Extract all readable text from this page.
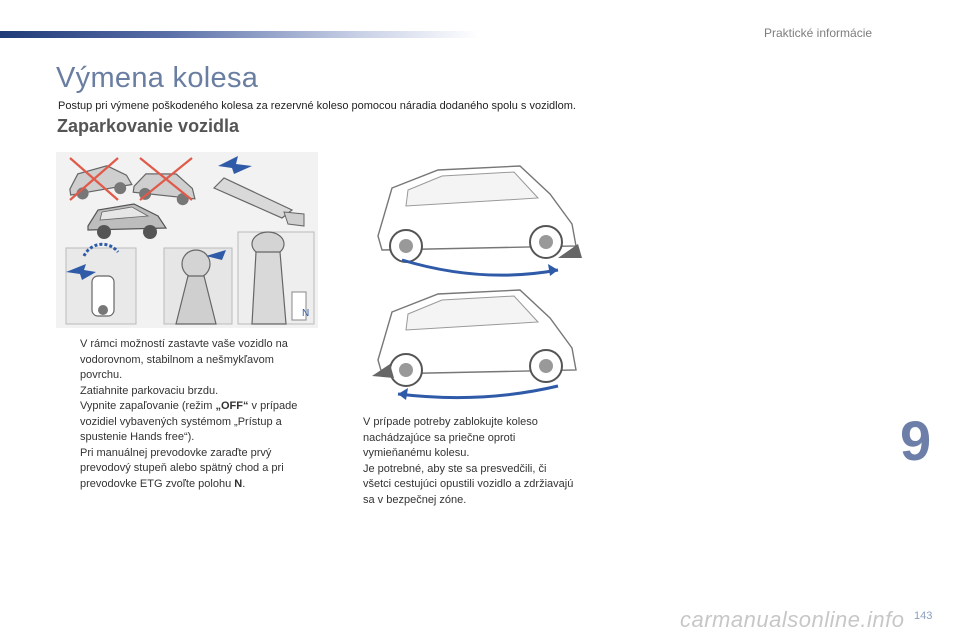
Praktické informácie
Výmena kolesa
Postup pri výmene poškodeného kolesa za rezervné koleso pomocou náradia dodaného spolu s vozidlom.
Zaparkovanie vozidla
N
V rámci možností zastavte vaše vozidlo na vodorovnom, stabilnom a nešmykľavom povrchu.
Zatiahnite parkovaciu brzdu.
Vypnite zapaľovanie (režim „OFF“ v prípade vozidiel vybavených systémom „Prístup a spustenie Hands free“).
Pri manuálnej prevodovke zaraďte prvý prevodový stupeň alebo spätný chod a pri prevodovke ETG zvoľte polohu N.
V prípade potreby zablokujte koleso nachádzajúce sa priečne oproti vymieňanému kolesu.
Je potrebné, aby ste sa presvedčili, či všetci cestujúci opustili vozidlo a zdržiavajú sa v bezpečnej zóne.
9
carmanualsonline.info 143
